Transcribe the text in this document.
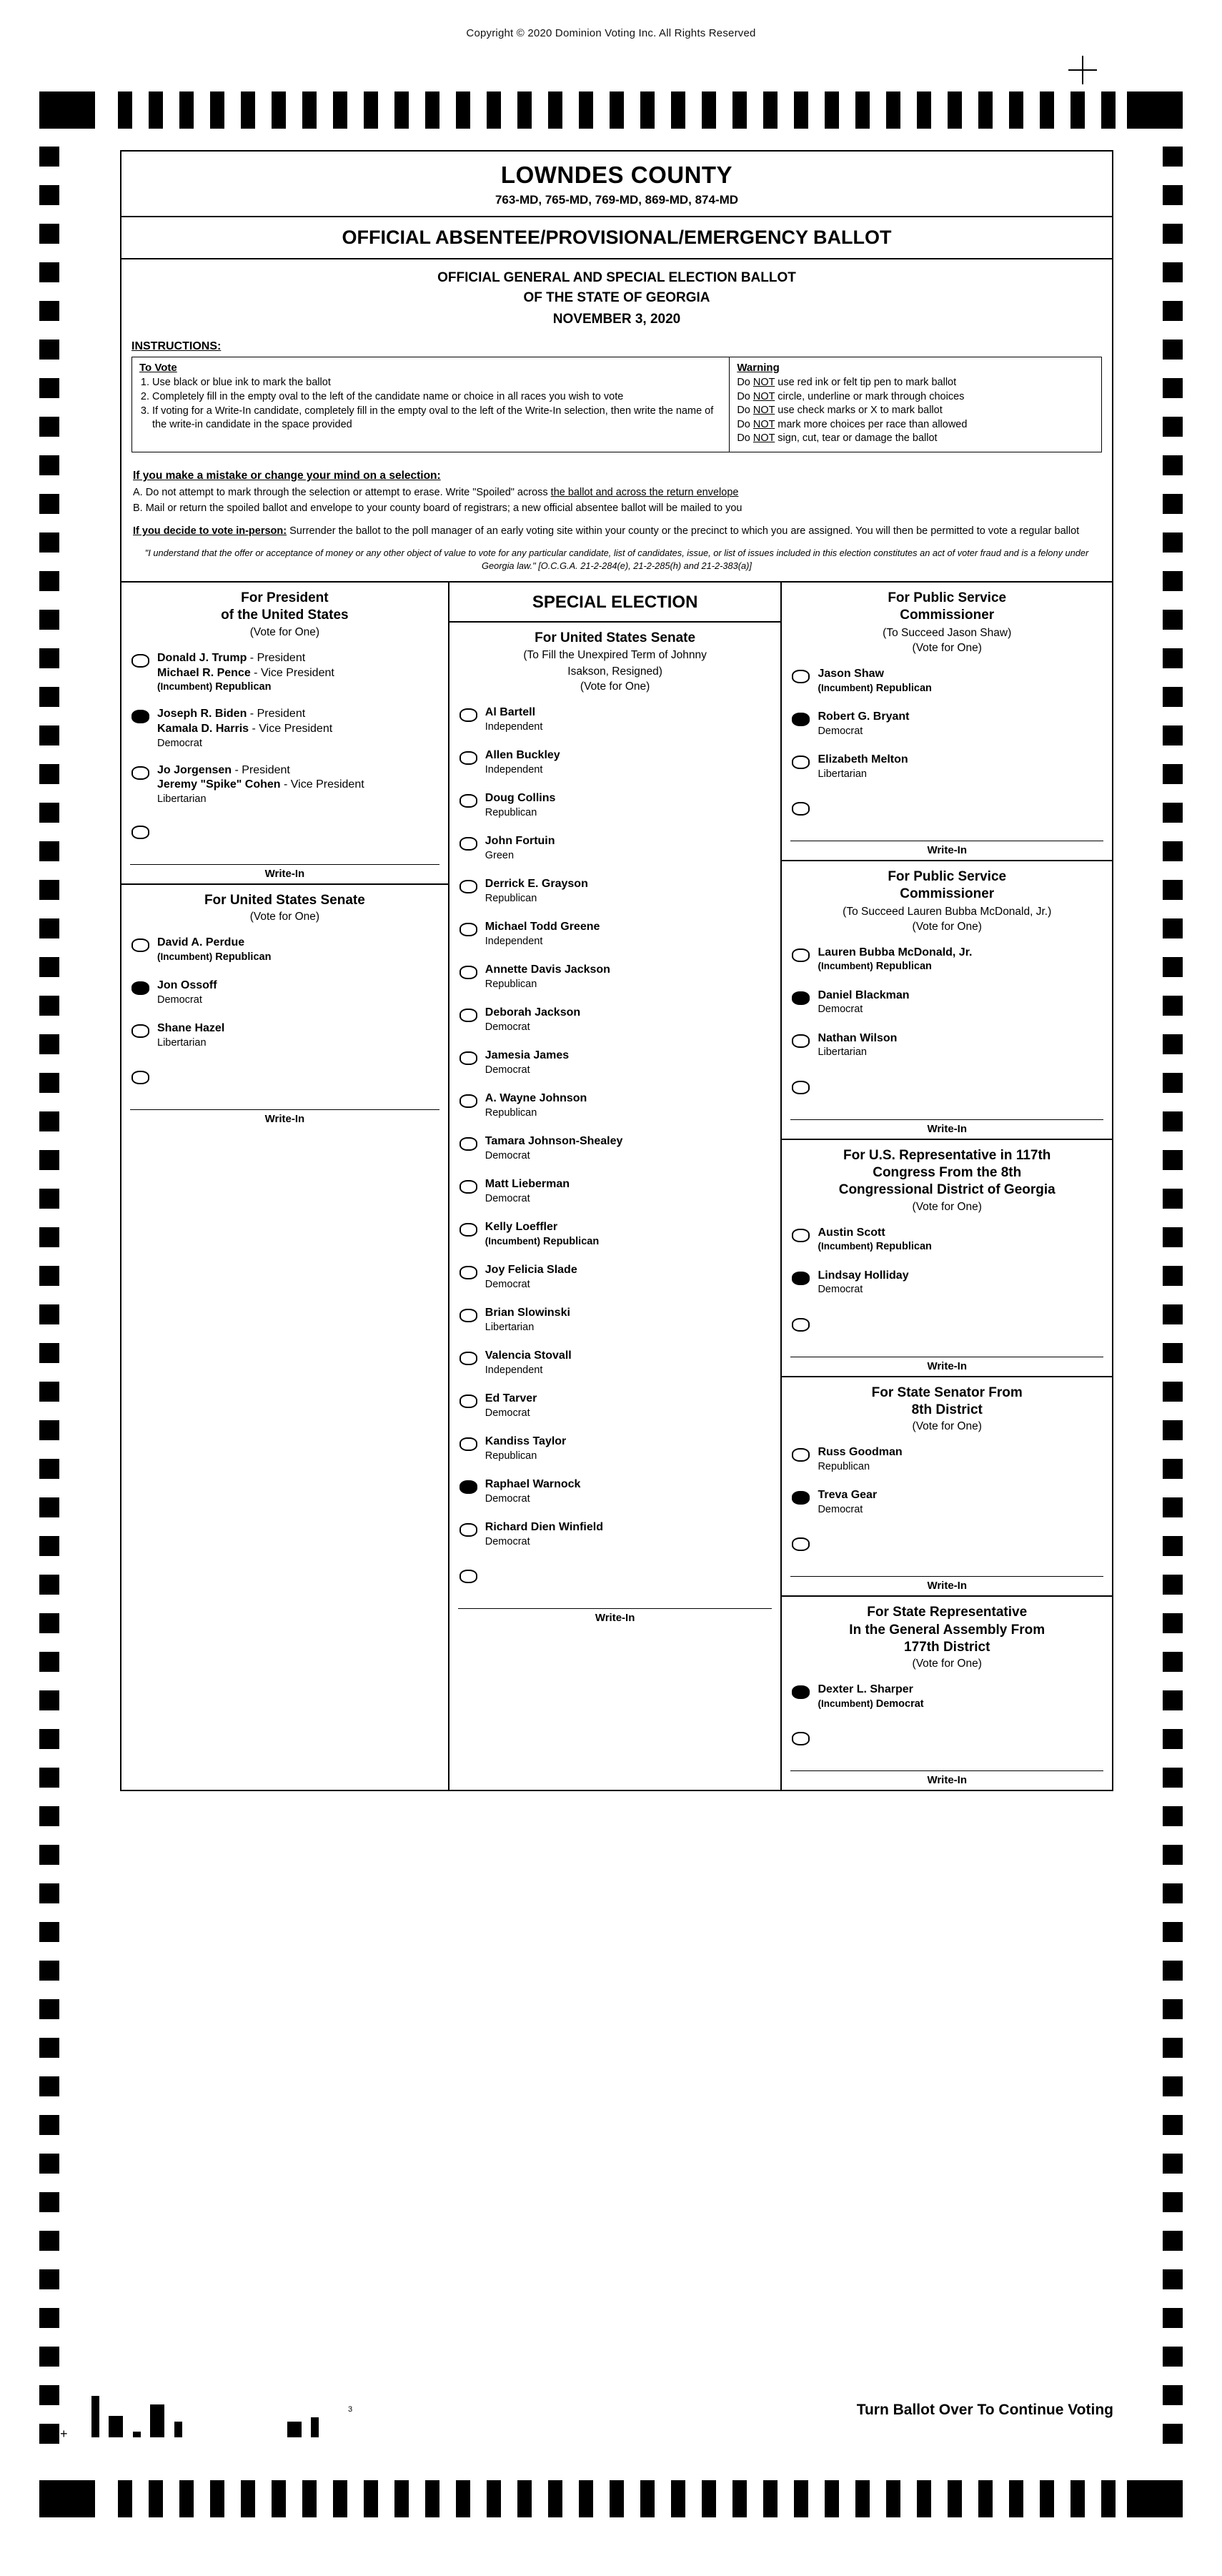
Copyright © 2020 Dominion Voting Inc. All Rights Reserved
LOWNDES COUNTY
763-MD, 765-MD, 769-MD, 869-MD, 874-MD
OFFICIAL ABSENTEE/PROVISIONAL/EMERGENCY BALLOT
OFFICIAL GENERAL AND SPECIAL ELECTION BALLOT
OF THE STATE OF GEORGIA
NOVEMBER 3, 2020
INSTRUCTIONS:
To Vote
1. Use black or blue ink to mark the ballot
2. Completely fill in the empty oval to the left of the candidate name or choice in all races you wish to vote
3. If voting for a Write-In candidate, completely fill in the empty oval to the left of the Write-In selection, then write the name of the write-in candidate in the space provided
Warning
Do NOT use red ink or felt tip pen to mark ballot
Do NOT circle, underline or mark through choices
Do NOT use check marks or X to mark ballot
Do NOT mark more choices per race than allowed
Do NOT sign, cut, tear or damage the ballot
If you make a mistake or change your mind on a selection:

A. Do not attempt to mark through the selection or attempt to erase. Write "Spoiled" across the ballot and across the return envelope

B. Mail or return the spoiled ballot and envelope to your county board of registrars; a new official absentee ballot will be mailed to you

If you decide to vote in-person: Surrender the ballot to the poll manager of an early voting site within your county or the precinct to which you are assigned. You will then be permitted to vote a regular ballot
"I understand that the offer or acceptance of money or any other object of value to vote for any particular candidate, list of candidates, issue, or list of issues included in this election constitutes an act of voter fraud and is a felony under Georgia law." [O.C.G.A. 21-2-284(e), 21-2-285(h) and 21-2-383(a)]
For President
of the United States
(Vote for One)
Donald J. Trump - President
Michael R. Pence - Vice President
(Incumbent) Republican
Joseph R. Biden - President
Kamala D. Harris - Vice President
Democrat
Jo Jorgensen - President
Jeremy "Spike" Cohen - Vice President
Libertarian
Write-In
For United States Senate
(Vote for One)
David A. Perdue
(Incumbent) Republican
Jon Ossoff
Democrat
Shane Hazel
Libertarian
Write-In
SPECIAL ELECTION
For United States Senate
(To Fill the Unexpired Term of Johnny
Isakson, Resigned)
(Vote for One)
Al Bartell
Independent
Allen Buckley
Independent
Doug Collins
Republican
John Fortuin
Green
Derrick E. Grayson
Republican
Michael Todd Greene
Independent
Annette Davis Jackson
Republican
Deborah Jackson
Democrat
Jamesia James
Democrat
A. Wayne Johnson
Republican
Tamara Johnson-Shealey
Democrat
Matt Lieberman
Democrat
Kelly Loeffler
(Incumbent) Republican
Joy Felicia Slade
Democrat
Brian Slowinski
Libertarian
Valencia Stovall
Independent
Ed Tarver
Democrat
Kandiss Taylor
Republican
Raphael Warnock
Democrat
Richard Dien Winfield
Democrat
Write-In
For Public Service
Commissioner
(To Succeed Jason Shaw)
(Vote for One)
Jason Shaw
(Incumbent) Republican
Robert G. Bryant
Democrat
Elizabeth Melton
Libertarian
Write-In
For Public Service
Commissioner
(To Succeed Lauren Bubba McDonald, Jr.)
(Vote for One)
Lauren Bubba McDonald, Jr.
(Incumbent) Republican
Daniel Blackman
Democrat
Nathan Wilson
Libertarian
Write-In
For U.S. Representative in 117th
Congress From the 8th
Congressional District of Georgia
(Vote for One)
Austin Scott
(Incumbent) Republican
Lindsay Holliday
Democrat
Write-In
For State Senator From
8th District
(Vote for One)
Russ Goodman
Republican
Treva Gear
Democrat
Write-In
For State Representative
In the General Assembly From
177th District
(Vote for One)
Dexter L. Sharper
(Incumbent) Democrat
Write-In
+

3	Turn Ballot Over To Continue Voting
